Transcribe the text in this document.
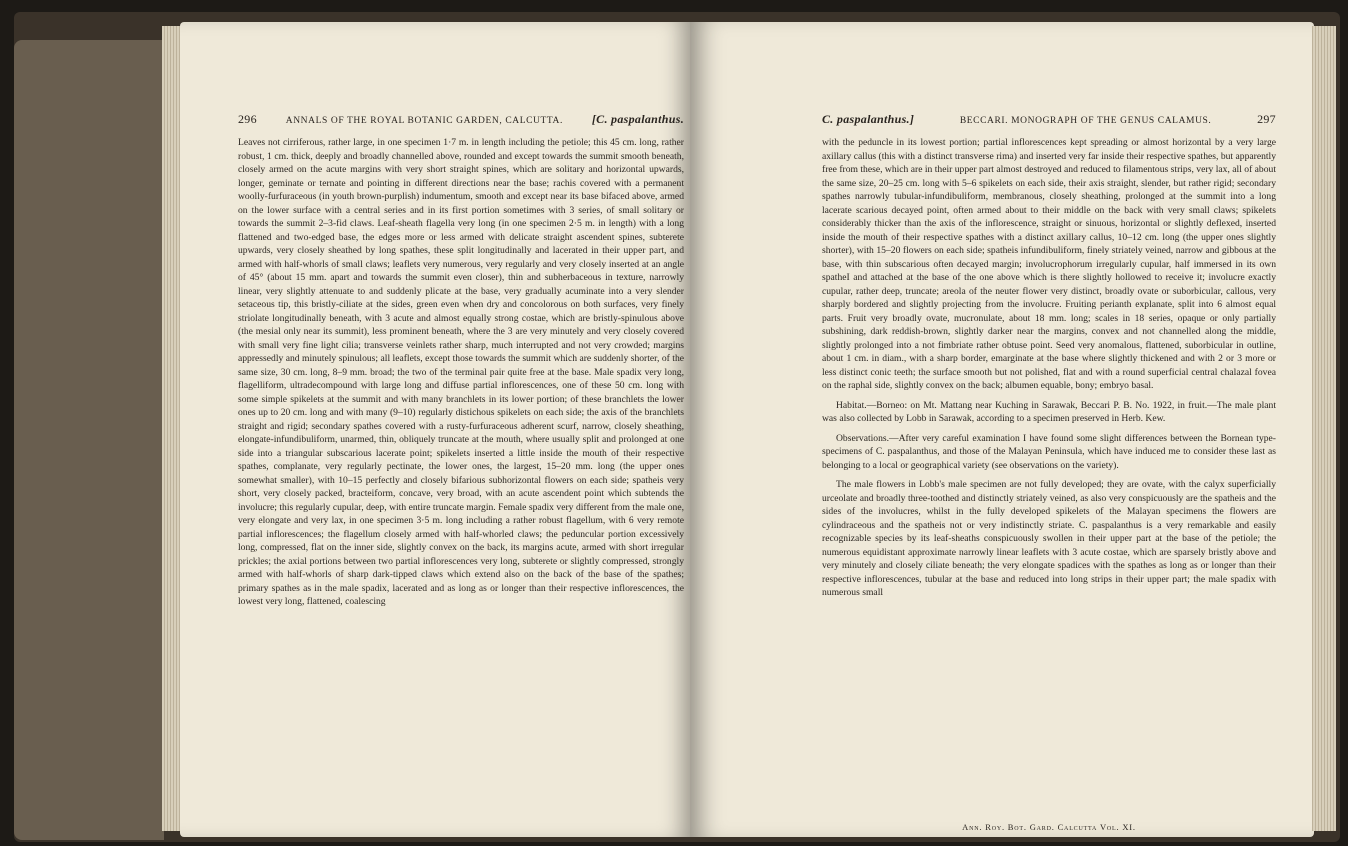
296	ANNALS OF THE ROYAL BOTANIC GARDEN, CALCUTTA. [C. paspalanthus.

Leaves not cirriferous, rather large, in one specimen 1·7 m. in length including the petiole; this 45 cm. long, rather robust, 1 cm. thick, deeply and broadly channelled above, rounded and except towards the summit smooth beneath, closely armed on the acute margins with very short straight spines, which are solitary and horizontal upwards, longer, geminate or ternate and pointing in different directions near the base; rachis covered with a permanent woolly-furfuraceous (in youth brown-purplish) indumentum, smooth and except near its base bifaced above, armed on the lower surface with a central series and in its first portion sometimes with 3 series, of small solitary or towards the summit 2–3-fid claws. Leaf-sheath flagella very long (in one specimen 2·5 m. in length) with a long flattened and two-edged base, the edges more or less armed with delicate straight ascendent spines, subterete upwards, very closely sheathed by long spathes, these split longitudinally and lacerated in their upper part, and armed with half-whorls of small claws; leaflets very numerous, very regularly and very closely inserted at an angle of 45° (about 15 mm. apart and towards the summit even closer), thin and subherbaceous in texture, narrowly linear, very slightly attenuate to and suddenly plicate at the base, very gradually acuminate into a very slender setaceous tip, this bristly-ciliate at the sides, green even when dry and concolorous on both surfaces, very finely striolate longitudinally beneath, with 3 acute and almost equally strong costae, which are bristly-spinulous above (the mesial only near its summit), less prominent beneath, where the 3 are very minutely and very closely covered with small very fine light cilia; transverse veinlets rather sharp, much interrupted and not very crowded; margins appressedly and minutely spinulous; all leaflets, except those towards the summit which are suddenly shorter, of the same size, 30 cm. long, 8–9 mm. broad; the two of the terminal pair quite free at the base. Male spadix very long, flagelliform, ultradecompound with large long and diffuse partial inflorescences, one of these 50 cm. long with some simple spikelets at the summit and with many branchlets in its lower portion; of these branchlets the lower ones up to 20 cm. long and with many (9–10) regularly distichous spikelets on each side; the axis of the branchlets straight and rigid; secondary spathes covered with a rusty-furfuraceous adherent scurf, narrow, closely sheathing, elongate-infundibuliform, unarmed, thin, obliquely truncate at the mouth, where usually split and prolonged at one side into a triangular subscarious lacerate point; spikelets inserted a little inside the mouth of their respective spathes, complanate, very regularly pectinate, the lower ones, the largest, 15–20 mm. long (the upper ones somewhat smaller), with 10–15 perfectly and closely bifarious subhorizontal flowers on each side; spatheis very short, very closely packed, bracteiform, concave, very broad, with an acute ascendent point which subtends the involucre; this regularly cupular, deep, with entire truncate margin. Female spadix very different from the male one, very elongate and very lax, in one specimen 3·5 m. long including a rather robust flagellum, with 6 very remote partial inflorescences; the flagellum closely armed with half-whorled claws; the peduncular portion excessively long, compressed, flat on the inner side, slightly convex on the back, its margins acute, armed with short irregular prickles; the axial portions between two partial inflorescences very long, subterete or slightly compressed, strongly armed with half-whorls of sharp dark-tipped claws which extend also on the back of the base of the spathes; primary spathes as in the male spadix, lacerated and as long as or longer than their respective inflorescences, the lowest very long, flattened, coalescing

C. paspalanthus.]	BECCARI. MONOGRAPH OF THE GENUS CALAMUS.	297

with the peduncle in its lowest portion; partial inflorescences kept spreading or almost horizontal by a very large axillary callus (this with a distinct transverse rima) and inserted very far inside their respective spathes, but apparently free from these, which are in their upper part almost destroyed and reduced to filamentous strips, very lax, all of about the same size, 20–25 cm. long with 5–6 spikelets on each side, their axis straight, slender, but rather rigid; secondary spathes narrowly tubular-infundibuliform, membranous, closely sheathing, prolonged at the summit into a long lacerate scarious decayed point, often armed about to their middle on the back with very small claws; spikelets considerably thicker than the axis of the inflorescence, straight or sinuous, horizontal or slightly deflexed, inserted inside the mouth of their respective spathes with a distinct axillary callus, 10–12 cm. long (the upper ones slightly shorter), with 15–20 flowers on each side; spatheis infundibuliform, finely striately veined, narrow and gibbous at the base, with thin subscarious often decayed margin; involucrophorum irregularly cupular, half immersed in its own spatheI and attached at the base of the one above which is there slightly hollowed to receive it; involucre exactly cupular, rather deep, truncate; areola of the neuter flower very distinct, broadly ovate or suborbicular, callous, very sharply bordered and slightly projecting from the involucre. Fruiting perianth explanate, split into 6 almost equal parts. Fruit very broadly ovate, mucronulate, about 18 mm. long; scales in 18 series, opaque or only partially subshining, dark reddish-brown, slightly darker near the margins, convex and not channelled along the middle, slightly prolonged into a not fimbriate rather obtuse point. Seed very anomalous, flattened, suborbicular in outline, about 1 cm. in diam., with a sharp border, emarginate at the base where slightly thickened and with 2 or 3 more or less distinct conic teeth; the surface smooth but not polished, flat and with a round superficial central chalazal fovea on the raphal side, slightly convex on the back; albumen equable, bony; embryo basal.

Habitat.—Borneo: on Mt. Mattang near Kuching in Sarawak, Beccari P. B. No. 1922, in fruit.—The male plant was also collected by Lobb in Sarawak, according to a specimen preserved in Herb. Kew.

Observations.—After very careful examination I have found some slight differences between the Bornean type-specimens of C. paspalanthus, and those of the Malayan Peninsula, which have induced me to consider these last as belonging to a local or geographical variety (see observations on the variety).

The male flowers in Lobb's male specimen are not fully developed; they are ovate, with the calyx superficially urceolate and broadly three-toothed and distinctly striately veined, as also very conspicuously are the spatheis and the sides of the involucres, whilst in the fully developed spikelets of the Malayan specimens the flowers are cylindraceous and the spatheis not or very indistinctly striate. C. paspalanthus is a very remarkable and easily recognizable species by its leaf-sheaths conspicuously swollen in their upper part at the base of the petiole; the numerous equidistant approximate narrowly linear leaflets with 3 acute costae, which are sparsely bristly above and very minutely and closely ciliate beneath; the very elongate spadices with the spathes as long as or longer than their respective inflorescences, tubular at the base and reduced into long strips in their upper part; the male spadix with numerous small

Ann. Roy. Bot. Gard. Calcutta Vol. XI.
